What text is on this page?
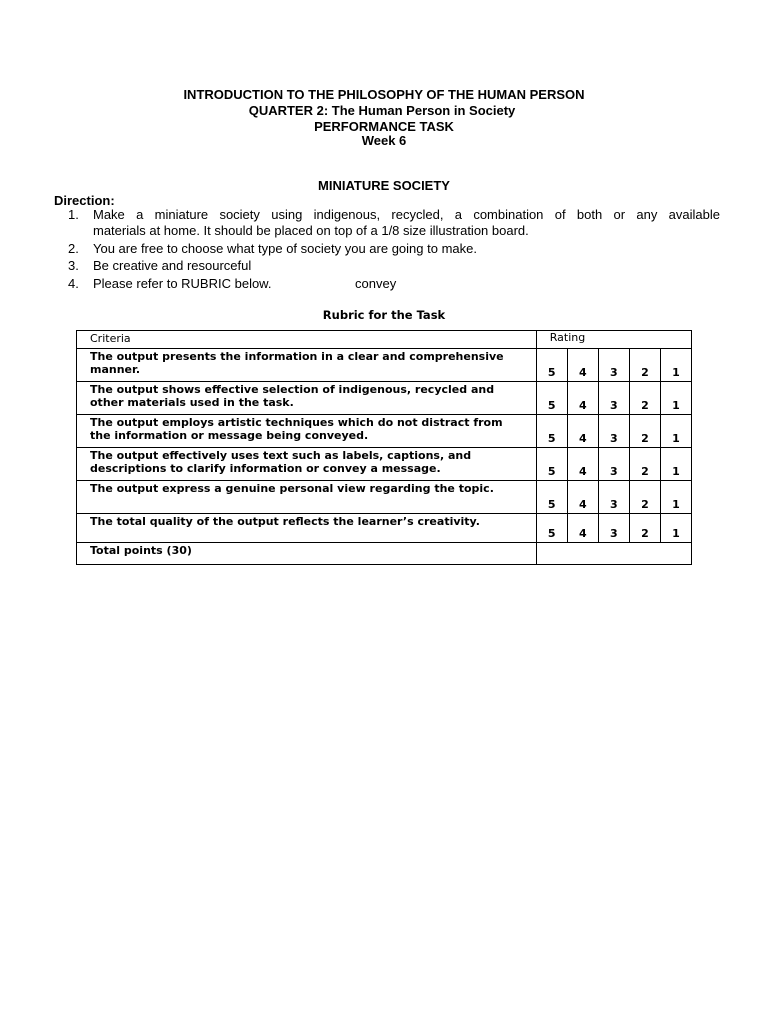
INTRODUCTION TO THE PHILOSOPHY OF THE HUMAN PERSON
QUARTER 2: The Human Person in Society
PERFORMANCE TASK
Week 6
MINIATURE SOCIETY
Direction:
1. Make a miniature society using indigenous, recycled, a combination of both or any available
materials at home. It should be placed on top of a 1/8 size illustration board.
2. You are free to choose what type of society you are going to make.
3. Be creative and resourceful
4. Please refer to RUBRIC below.	convey
Rubric for the Task
Criteria	Rating				
The output presents the information in a clear and comprehensive
manner.	5	4	3	2	1
The output shows effective selection of indigenous, recycled and
other materials used in the task.	5	4	3	2	1
The output employs artistic techniques which do not distract from
the information or message being conveyed.	5	4	3	2	1
The output effectively uses text such as labels, captions, and
descriptions to clarify information or convey a message.	5	4	3	2	1
The output express a genuine personal view regarding the topic.	5	4	3	2	1
The total quality of the output reflects the learner’s creativity.	5	4	3	2	1
Total points (30)					
